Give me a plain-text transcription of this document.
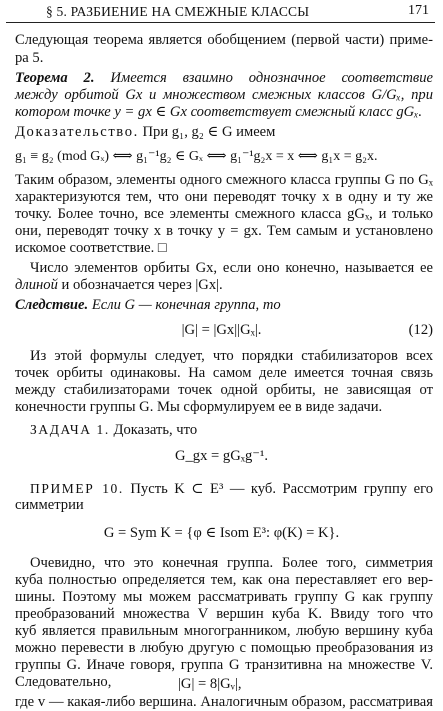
§ 5. РАЗБИЕНИЕ НА СМЕЖНЫЕ КЛАССЫ	171
Следующая теорема является обобщением (первой части) приме-
ра 5.
Теорема 2. Имеется взаимно однозначное соответствие
между орбитой Gx и множеством смежных классов G/Gₓ, при
котором точке y = gx ∈ Gx соответствует смежный класс gGₓ.
Доказательство. При g₁, g₂ ∈ G имеем
g₁ ≡ g₂ (mod Gₓ) ⟺ g₁⁻¹g₂ ∈ Gₓ ⟺ g₁⁻¹g₂x = x ⟺ g₁x = g₂x.
Таким образом, элементы одного смежного класса группы G по Gₓ
характеризуются тем, что они переводят точку x в одну и ту же
точку. Более точно, все элементы смежного класса gGₓ, и только
они, переводят точку x в точку y = gx. Тем самым и установлено
искомое соответствие. □
Число элементов орбиты Gx, если оно конечно, называется ее
длиной и обозначается через |Gx|.
Следствие. Если G — конечная группа, то
|G| = |Gx||Gₓ|.	(12)
Из этой формулы следует, что порядки стабилизаторов всех
точек орбиты одинаковы. На самом деле имеется точная связь
между стабилизаторами точек одной орбиты, не зависящая от
конечности группы G. Мы сформулируем ее в виде задачи.
ЗАДАЧА 1. Доказать, что
G_gx = gGₓg⁻¹.
ПРИМЕР 10. Пусть K ⊂ E³ — куб. Рассмотрим группу его
симметрии
G = Sym K = {φ ∈ Isom E³: φ(K) = K}.
Очевидно, что это конечная группа. Более того, симметрия
куба полностью определяется тем, как она переставляет его вер-
шины. Поэтому мы можем рассматривать группу G как группу
преобразований множества V вершин куба K. Ввиду того что
куб является правильным многогранником, любую вершину куба
можно перевести в любую другую с помощью преобразования из
группы G. Иначе говоря, группа G транзитивна на множестве V.
Следовательно,	|G| = 8|Gᵥ|,
где v — какая-либо вершина. Аналогичным образом, рассматривая
